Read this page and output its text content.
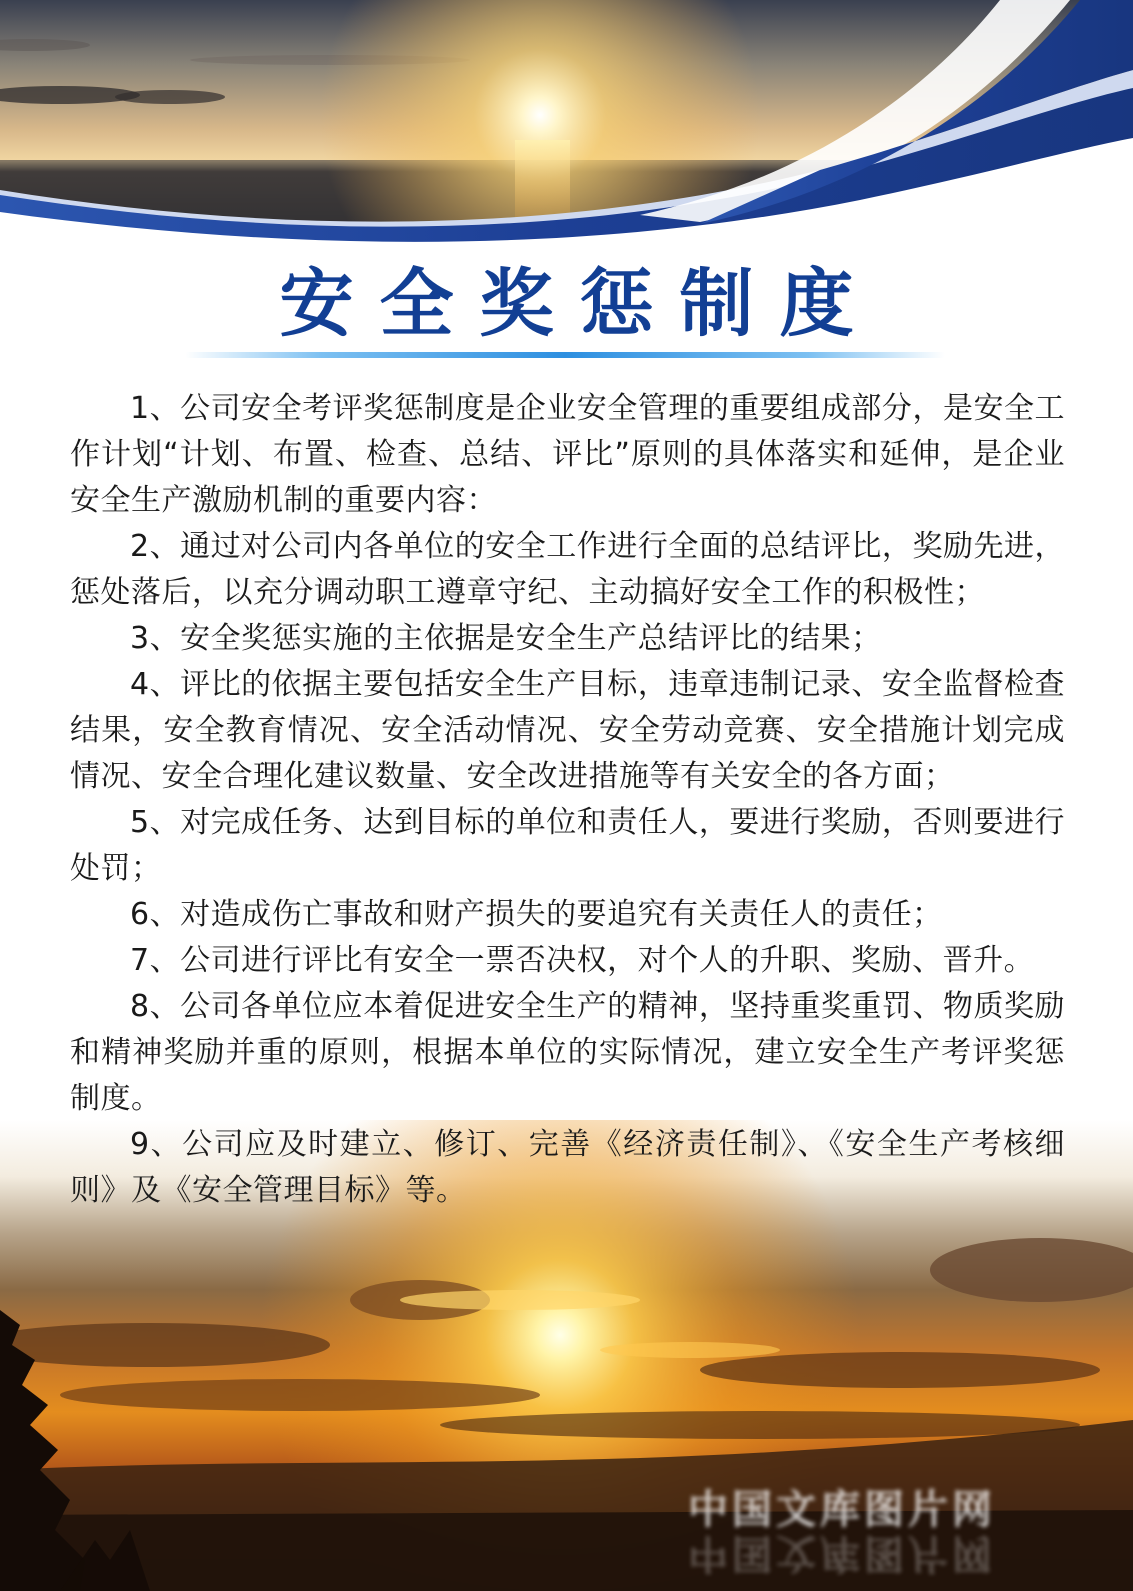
安全奖惩制度

1、公司安全考评奖惩制度是企业安全管理的重要组成部分，是安全工作计划“计划、布置、检查、总结、评比”原则的具体落实和延伸，是企业安全生产激励机制的重要内容：

2、通过对公司内各单位的安全工作进行全面的总结评比，奖励先进，惩处落后，以充分调动职工遵章守纪、主动搞好安全工作的积极性；

3、安全奖惩实施的主依据是安全生产总结评比的结果；

4、评比的依据主要包括安全生产目标，违章违制记录、安全监督检查结果，安全教育情况、安全活动情况、安全劳动竞赛、安全措施计划完成情况、安全合理化建议数量、安全改进措施等有关安全的各方面；

5、对完成任务、达到目标的单位和责任人，要进行奖励，否则要进行处罚；

6、对造成伤亡事故和财产损失的要追究有关责任人的责任；

7、公司进行评比有安全一票否决权，对个人的升职、奖励、晋升。

8、公司各单位应本着促进安全生产的精神，坚持重奖重罚、物质奖励和精神奖励并重的原则，根据本单位的实际情况，建立安全生产考评奖惩制度。

9、公司应及时建立、修订、完善《经济责任制》、《安全生产考核细则》及《安全管理目标》等。

中国文库图片网
中国文库图片网
